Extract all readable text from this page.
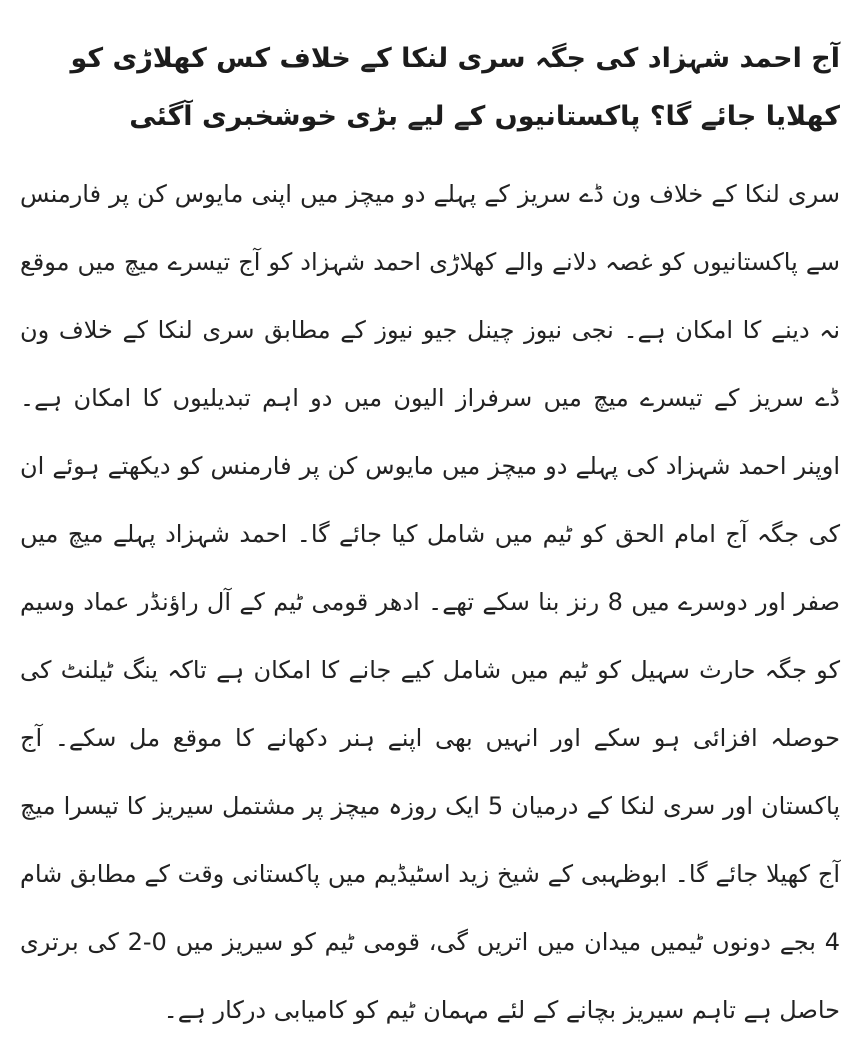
آج احمد شہزاد کی جگہ سری لنکا کے خلاف کس کھلاڑی کو کھلایا جائے گا؟ پاکستانیوں کے لیے بڑی خوشخبری آگئی

سری لنکا کے خلاف ون ڈے سریز کے پہلے دو میچز میں اپنی مایوس کن پر فارمنس سے پاکستانیوں کو غصہ دلانے والے کھلاڑی احمد شہزاد کو آج تیسرے میچ میں موقع نہ دینے کا امکان ہے۔ نجی نیوز چینل جیو نیوز کے مطابق سری لنکا کے خلاف ون ڈے سریز کے تیسرے میچ میں سرفراز الیون میں دو اہم تبدیلیوں کا امکان ہے۔ اوپنر احمد شہزاد کی پہلے دو میچز میں مایوس کن پر فارمنس کو دیکھتے ہوئے ان کی جگہ آج امام الحق کو ٹیم میں شامل کیا جائے گا۔ احمد شہزاد پہلے میچ میں صفر اور دوسرے میں 8 رنز بنا سکے تھے۔ ادھر قومی ٹیم کے آل راؤنڈر عماد وسیم کو جگہ حارث سہیل کو ٹیم میں شامل کیے جانے کا امکان ہے تاکہ ینگ ٹیلنٹ کی حوصلہ افزائی ہو سکے اور انہیں بھی اپنے ہنر دکھانے کا موقع مل سکے۔ آج پاکستان اور سری لنکا کے درمیان 5 ایک روزہ میچز پر مشتمل سیریز کا تیسرا میچ آج کھیلا جائے گا۔ ابوظہبی کے شیخ زید اسٹیڈیم میں پاکستانی وقت کے مطابق شام 4 بجے دونوں ٹیمیں میدان میں اتریں گی، قومی ٹیم کو سیریز میں 0-2 کی برتری حاصل ہے تاہم سیریز بچانے کے لئے مہمان ٹیم کو کامیابی درکار ہے۔
